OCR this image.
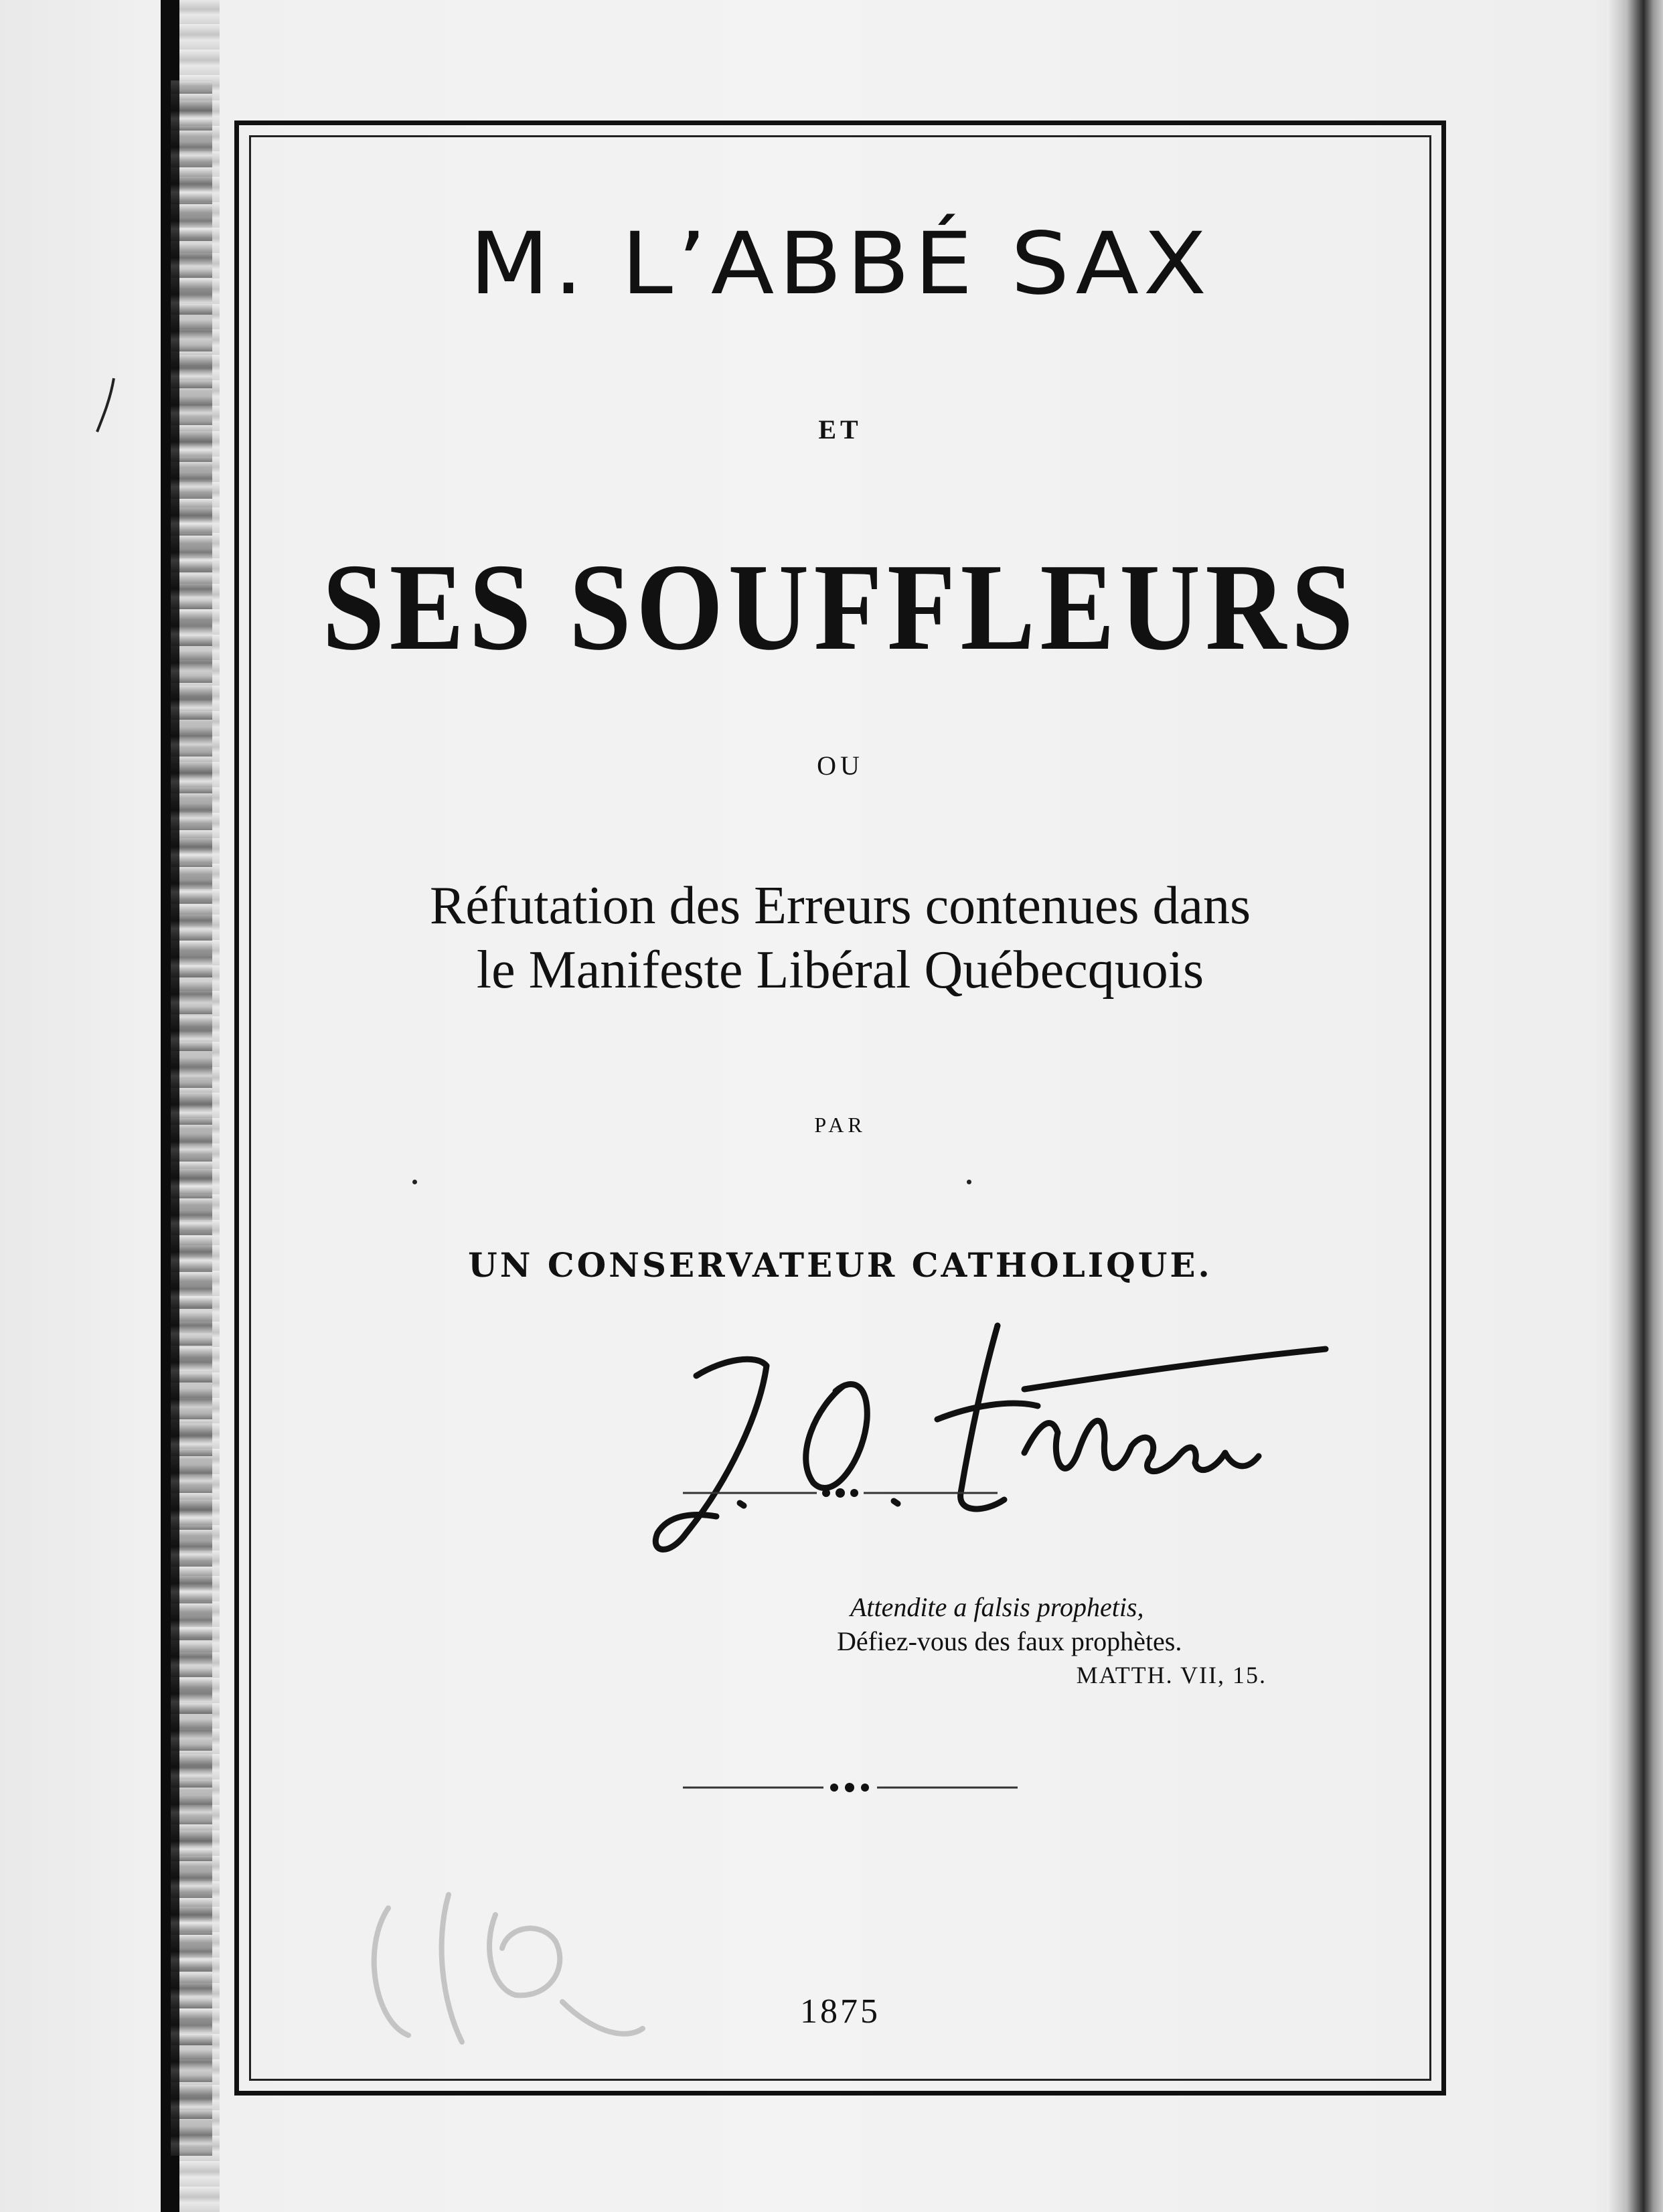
M. L’ABBÉ SAX
ET
SES SOUFFLEURS
OU
Réfutation des Erreurs contenues dans
le Manifeste Libéral Québecquois
PAR
UN CONSERVATEUR CATHOLIQUE.
Attendite a falsis prophetis,
Défiez-vous des faux prophètes.
MATTH. VII, 15.
1875
